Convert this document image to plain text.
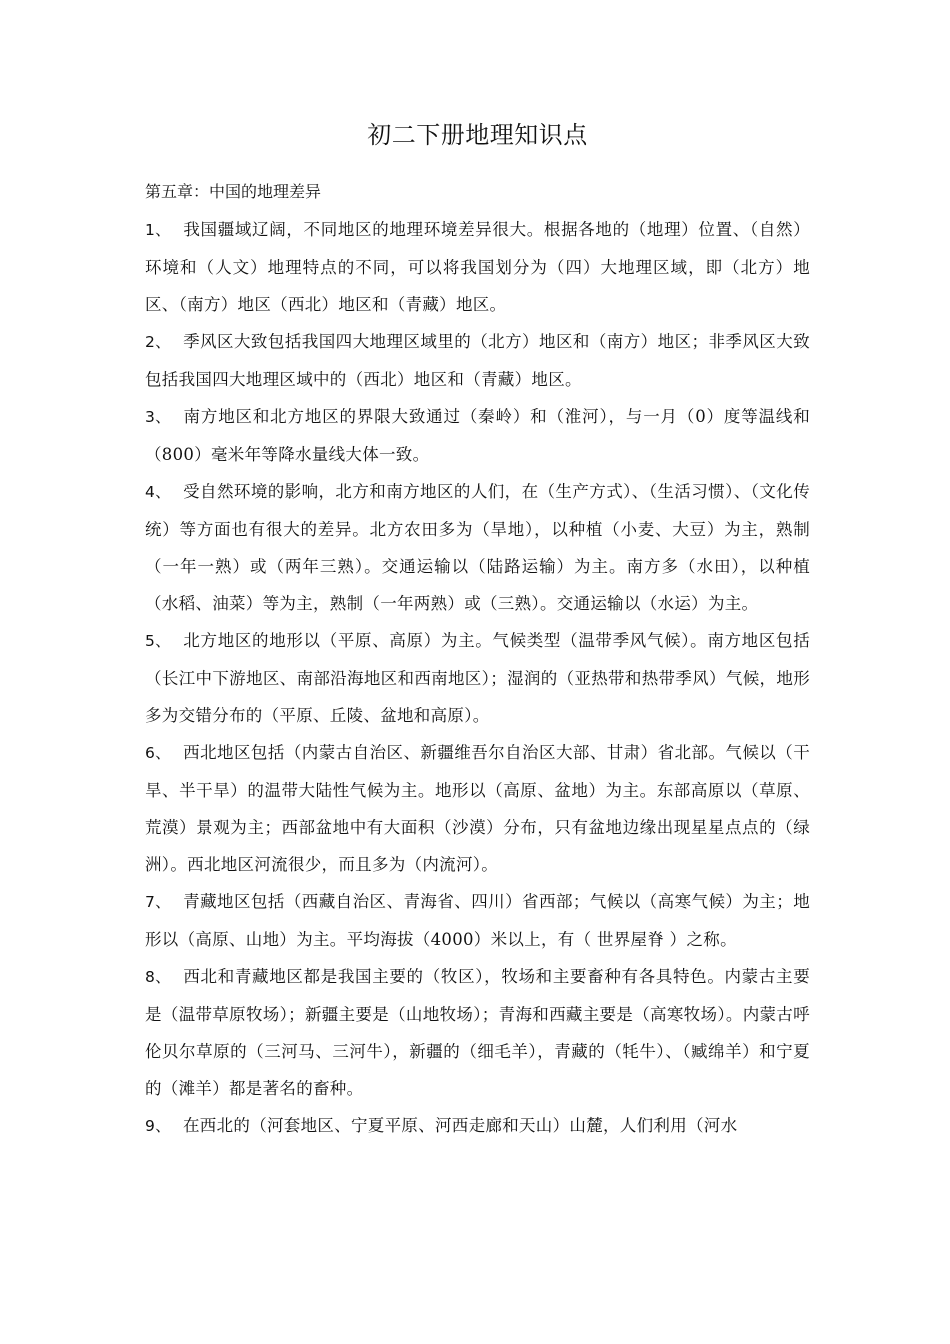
初二下册地理知识点
第五章：中国的地理差异

1、 我国疆域辽阔，不同地区的地理环境差异很大。根据各地的（地理）位置、（自然）环境和（人文）地理特点的不同，可以将我国划分为（四）大地理区域，即（北方）地区、（南方）地区（西北）地区和（青藏）地区。

2、 季风区大致包括我国四大地理区域里的（北方）地区和（南方）地区；非季风区大致包括我国四大地理区域中的（西北）地区和（青藏）地区。

3、 南方地区和北方地区的界限大致通过（秦岭）和（淮河），与一月（0）度等温线和（800）毫米年等降水量线大体一致。

4、 受自然环境的影响，北方和南方地区的人们，在（生产方式）、（生活习惯）、（文化传统）等方面也有很大的差异。北方农田多为（旱地），以种植（小麦、大豆）为主，熟制（一年一熟）或（两年三熟）。交通运输以（陆路运输）为主。南方多（水田），以种植（水稻、油菜）等为主，熟制（一年两熟）或（三熟）。交通运输以（水运）为主。

5、 北方地区的地形以（平原、高原）为主。气候类型（温带季风气候）。南方地区包括（长江中下游地区、南部沿海地区和西南地区）；湿润的（亚热带和热带季风）气候，地形多为交错分布的（平原、丘陵、盆地和高原）。

6、 西北地区包括（内蒙古自治区、新疆维吾尔自治区大部、甘肃）省北部。气候以（干旱、半干旱）的温带大陆性气候为主。地形以（高原、盆地）为主。东部高原以（草原、荒漠）景观为主；西部盆地中有大面积（沙漠）分布，只有盆地边缘出现星星点点的（绿洲）。西北地区河流很少，而且多为（内流河）。

7、 青藏地区包括（西藏自治区、青海省、四川）省西部；气候以（高寒气候）为主；地形以（高原、山地）为主。平均海拔（4000）米以上，有（ 世界屋脊 ）之称。

8、 西北和青藏地区都是我国主要的（牧区），牧场和主要畜种有各具特色。内蒙古主要是（温带草原牧场）；新疆主要是（山地牧场）；青海和西藏主要是（高寒牧场）。内蒙古呼伦贝尔草原的（三河马、三河牛），新疆的（细毛羊），青藏的（牦牛）、（臧绵羊）和宁夏的（滩羊）都是著名的畜种。

9、 在西北的（河套地区、宁夏平原、河西走廊和天山）山麓，人们利用（河水
